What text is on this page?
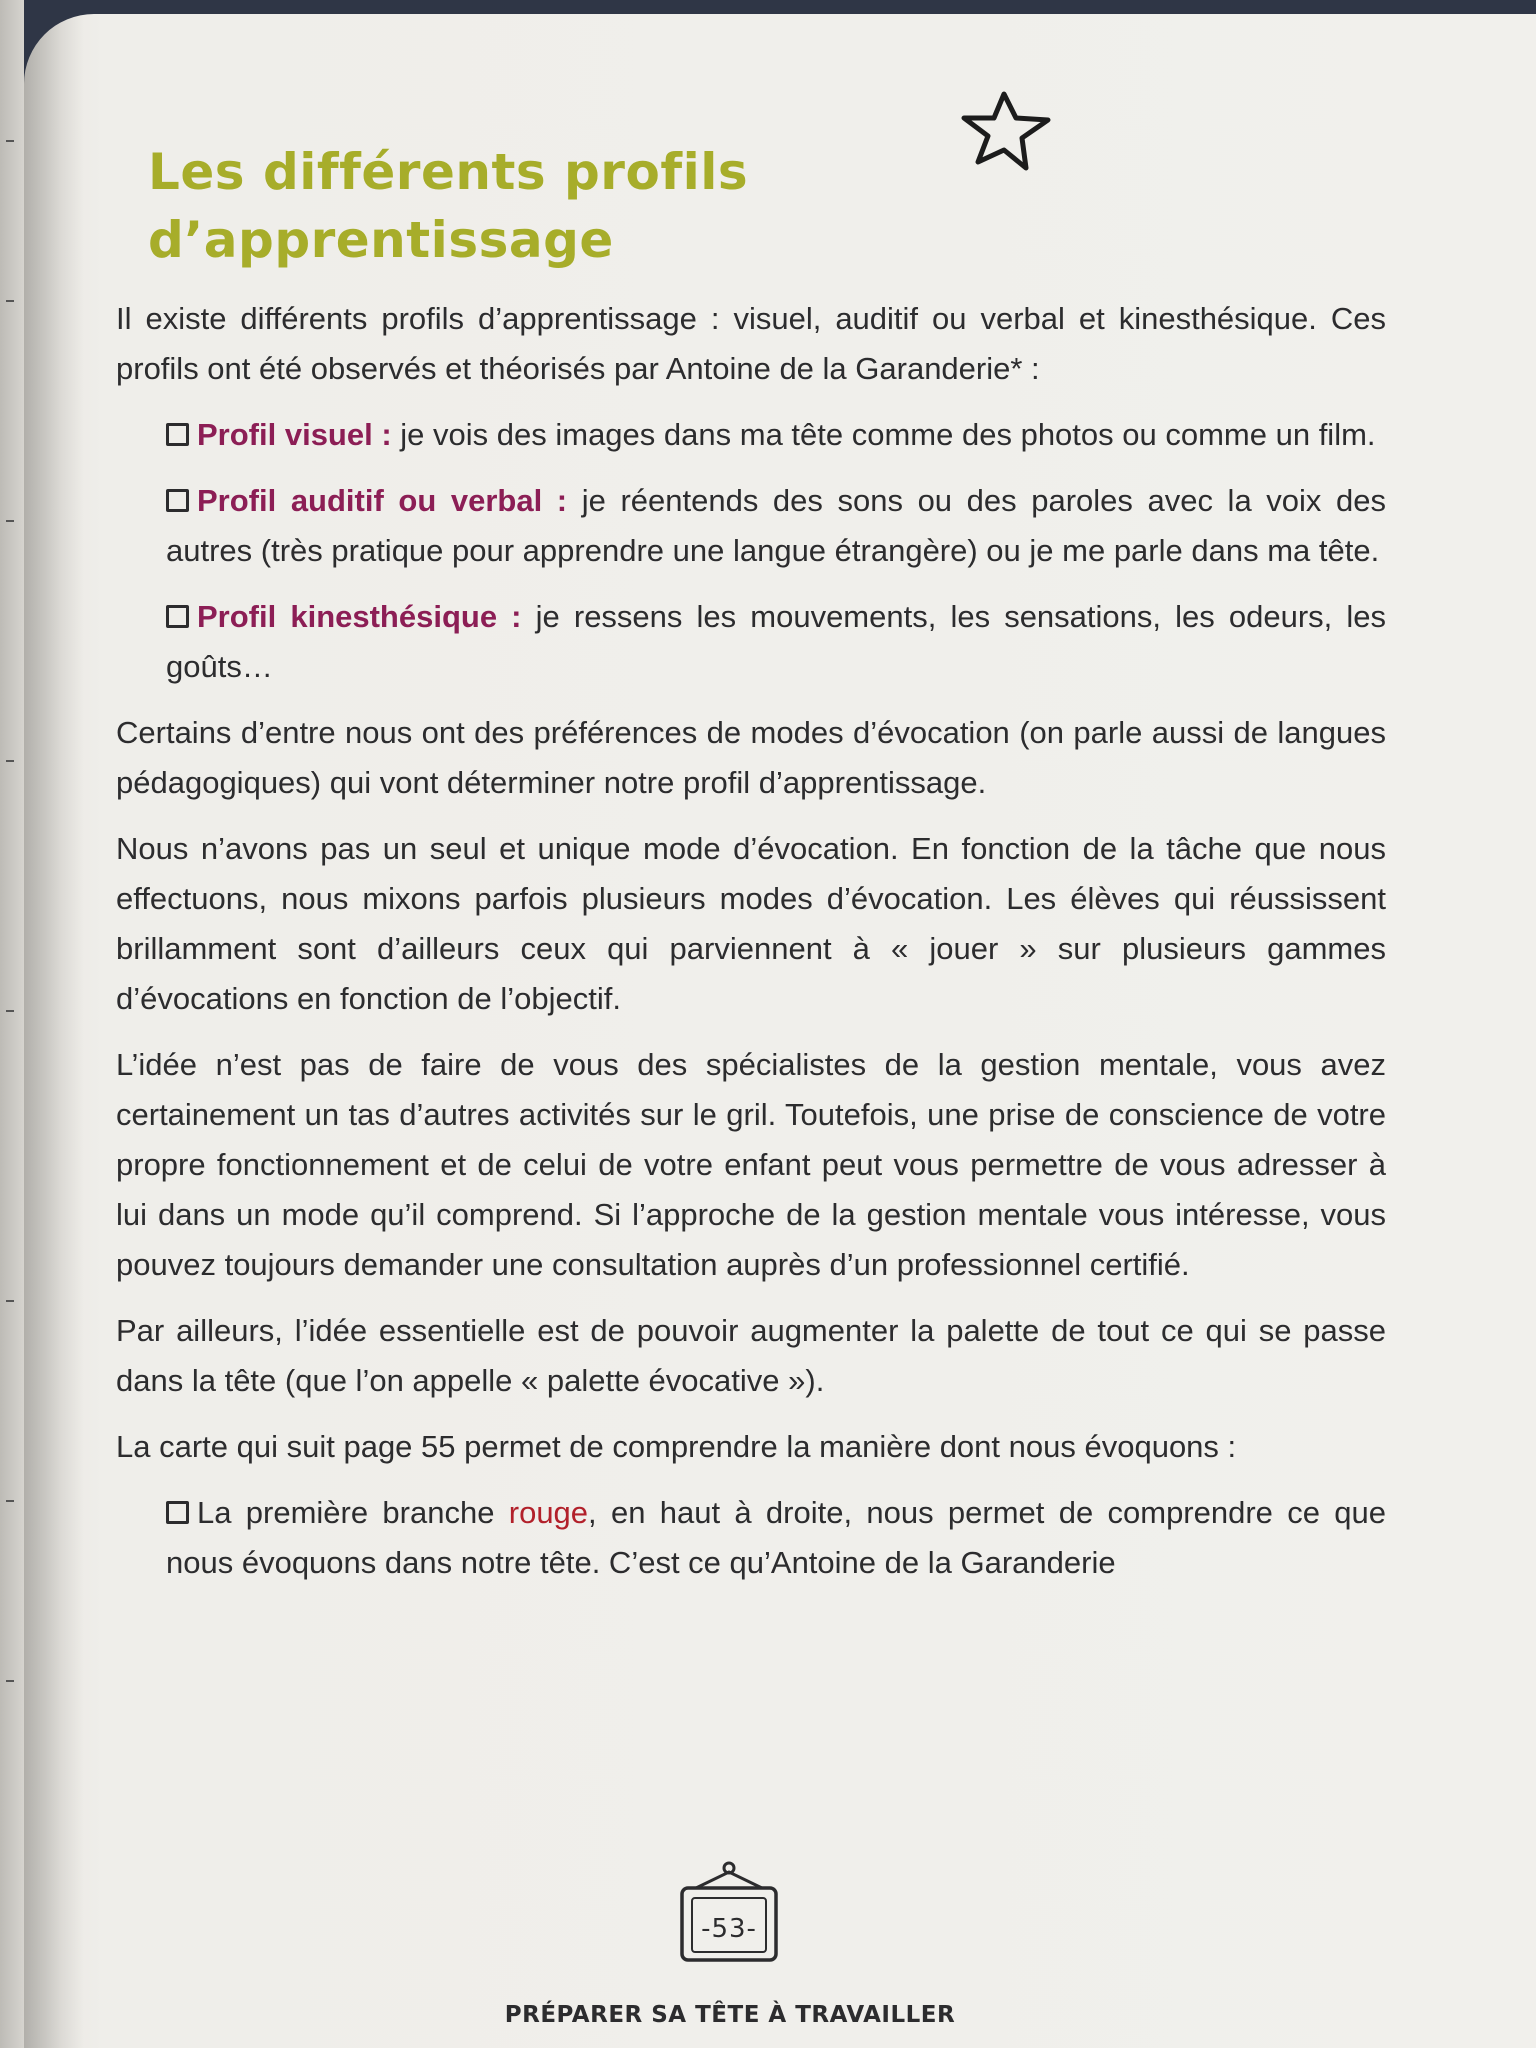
Les différents profils
d’apprentissage

Il existe différents profils d’apprentissage : visuel, auditif ou verbal et kinesthésique. Ces profils ont été observés et théorisés par Antoine de la Garanderie* :

Profil visuel : je vois des images dans ma tête comme des photos ou comme un film.

Profil auditif ou verbal : je réentends des sons ou des paroles avec la voix des autres (très pratique pour apprendre une langue étrangère) ou je me parle dans ma tête.

Profil kinesthésique : je ressens les mouvements, les sensations, les odeurs, les goûts…

Certains d’entre nous ont des préférences de modes d’évocation (on parle aussi de langues pédagogiques) qui vont déterminer notre profil d’apprentissage.

Nous n’avons pas un seul et unique mode d’évocation. En fonction de la tâche que nous effectuons, nous mixons parfois plusieurs modes d’évocation. Les élèves qui réussissent brillamment sont d’ailleurs ceux qui parviennent à « jouer » sur plusieurs gammes d’évocations en fonction de l’objectif.

L’idée n’est pas de faire de vous des spécialistes de la gestion mentale, vous avez certainement un tas d’autres activités sur le gril. Toutefois, une prise de conscience de votre propre fonctionnement et de celui de votre enfant peut vous permettre de vous adresser à lui dans un mode qu’il comprend. Si l’approche de la gestion mentale vous intéresse, vous pouvez toujours demander une consultation auprès d’un professionnel certifié.

Par ailleurs, l’idée essentielle est de pouvoir augmenter la palette de tout ce qui se passe dans la tête (que l’on appelle « palette évocative »).

La carte qui suit page 55 permet de comprendre la manière dont nous évoquons :

La première branche rouge, en haut à droite, nous permet de comprendre ce que nous évoquons dans notre tête. C’est ce qu’Antoine de la Garanderie

-53-
PRÉPARER SA TÊTE À TRAVAILLER
